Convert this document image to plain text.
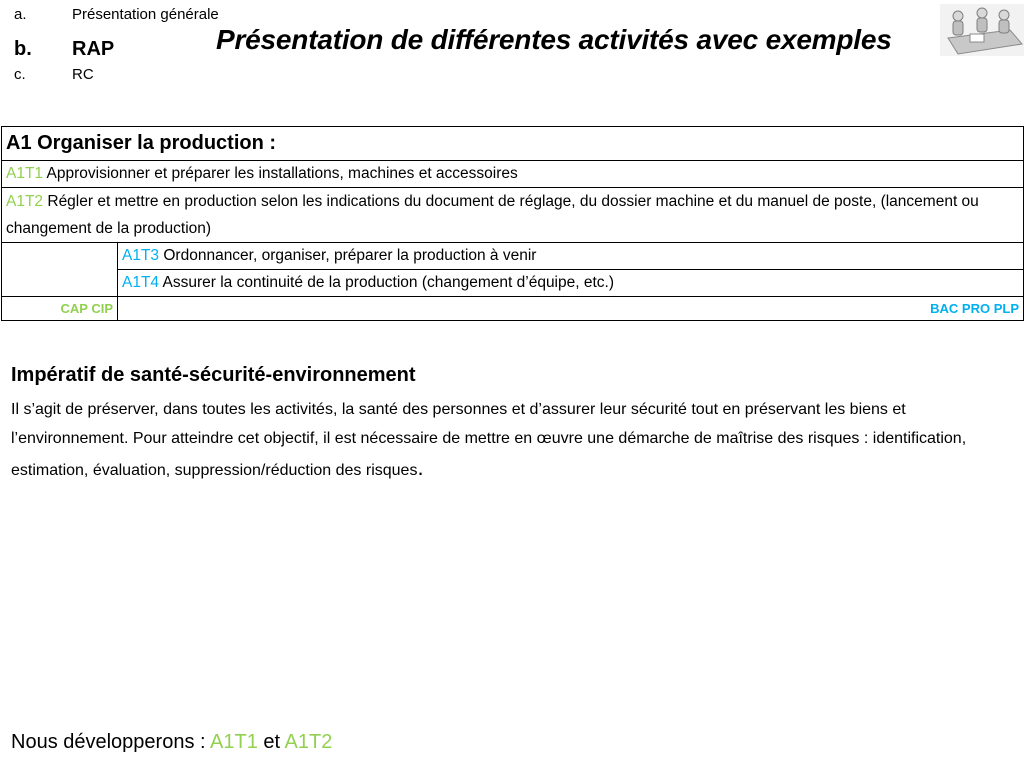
a.	Présentation générale
b.	RAP
c.	RC
Présentation de différentes activités avec exemples
A1 Organiser la production :	
A1T1 Approvisionner et préparer les installations, machines et accessoires	
A1T2 Régler et mettre en production selon les indications du document de réglage, du dossier machine et du manuel de poste, (lancement ou changement de la production)	
	A1T3 Ordonnancer, organiser, préparer la production à venir
	A1T4 Assurer la continuité de la production (changement d’équipe, etc.)
CAP CIP	BAC PRO PLP
Impératif de santé-sécurité-environnement

Il s’agit de préserver, dans toutes les activités, la santé des personnes et d’assurer leur sécurité tout en préservant les biens et l’environnement. Pour atteindre cet objectif, il est nécessaire de mettre en œuvre une démarche de maîtrise des risques : identification, estimation, évaluation, suppression/réduction des risques.

Nous développerons : A1T1 et A1T2
